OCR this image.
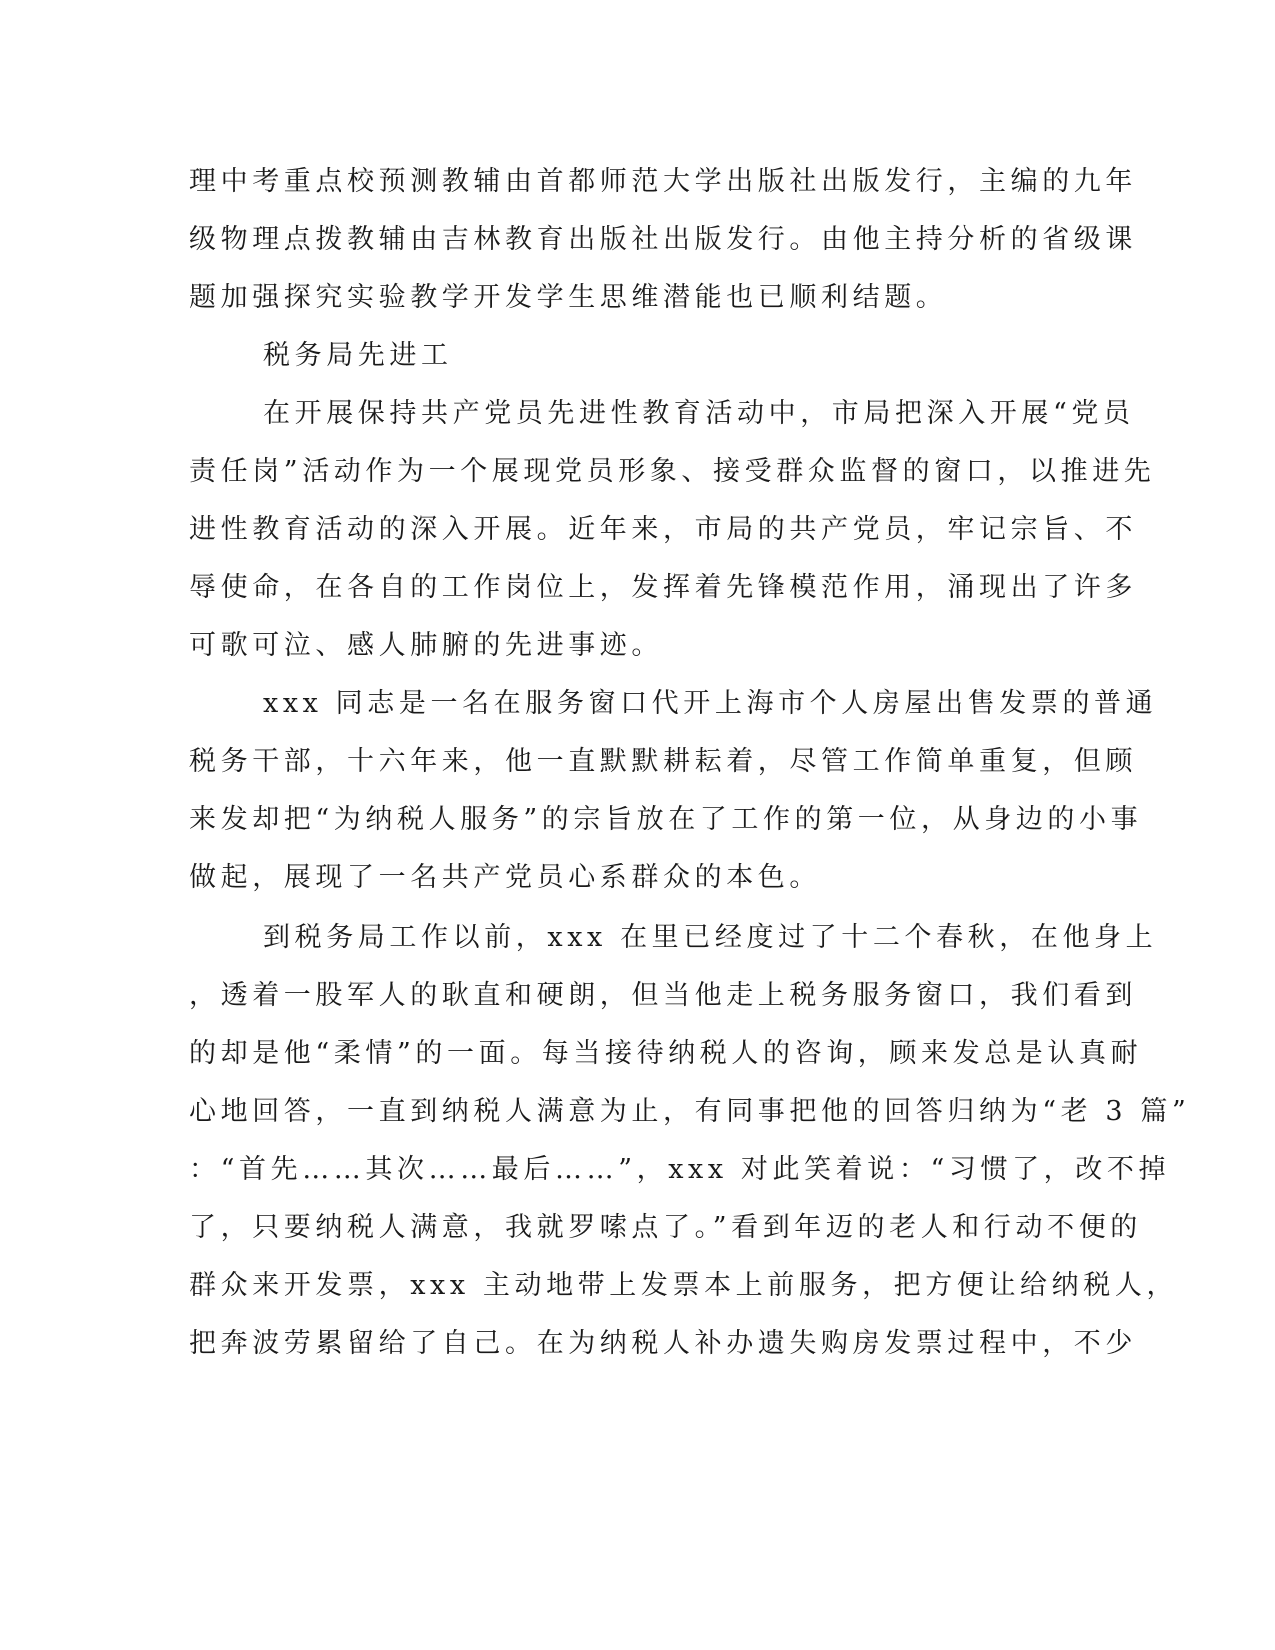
理中考重点校预测教辅由首都师范大学出版社出版发行，主编的九年
级物理点拨教辅由吉林教育出版社出版发行。由他主持分析的省级课
题加强探究实验教学开发学生思维潜能也已顺利结题。
税务局先进工
在开展保持共产党员先进性教育活动中，市局把深入开展“党员
责任岗”活动作为一个展现党员形象、接受群众监督的窗口，以推进先
进性教育活动的深入开展。近年来，市局的共产党员，牢记宗旨、不
辱使命，在各自的工作岗位上，发挥着先锋模范作用，涌现出了许多
可歌可泣、感人肺腑的先进事迹。
xxx 同志是一名在服务窗口代开上海市个人房屋出售发票的普通
税务干部，十六年来，他一直默默耕耘着，尽管工作简单重复，但顾
来发却把“为纳税人服务”的宗旨放在了工作的第一位，从身边的小事
做起，展现了一名共产党员心系群众的本色。
到税务局工作以前，xxx 在里已经度过了十二个春秋，在他身上
，透着一股军人的耿直和硬朗，但当他走上税务服务窗口，我们看到
的却是他“柔情”的一面。每当接待纳税人的咨询，顾来发总是认真耐
心地回答，一直到纳税人满意为止，有同事把他的回答归纳为“老 3 篇”
：“首先……其次……最后……”，xxx 对此笑着说：“习惯了，改不掉
了，只要纳税人满意，我就罗嗦点了。”看到年迈的老人和行动不便的
群众来开发票，xxx 主动地带上发票本上前服务，把方便让给纳税人，
把奔波劳累留给了自己。在为纳税人补办遗失购房发票过程中，不少
